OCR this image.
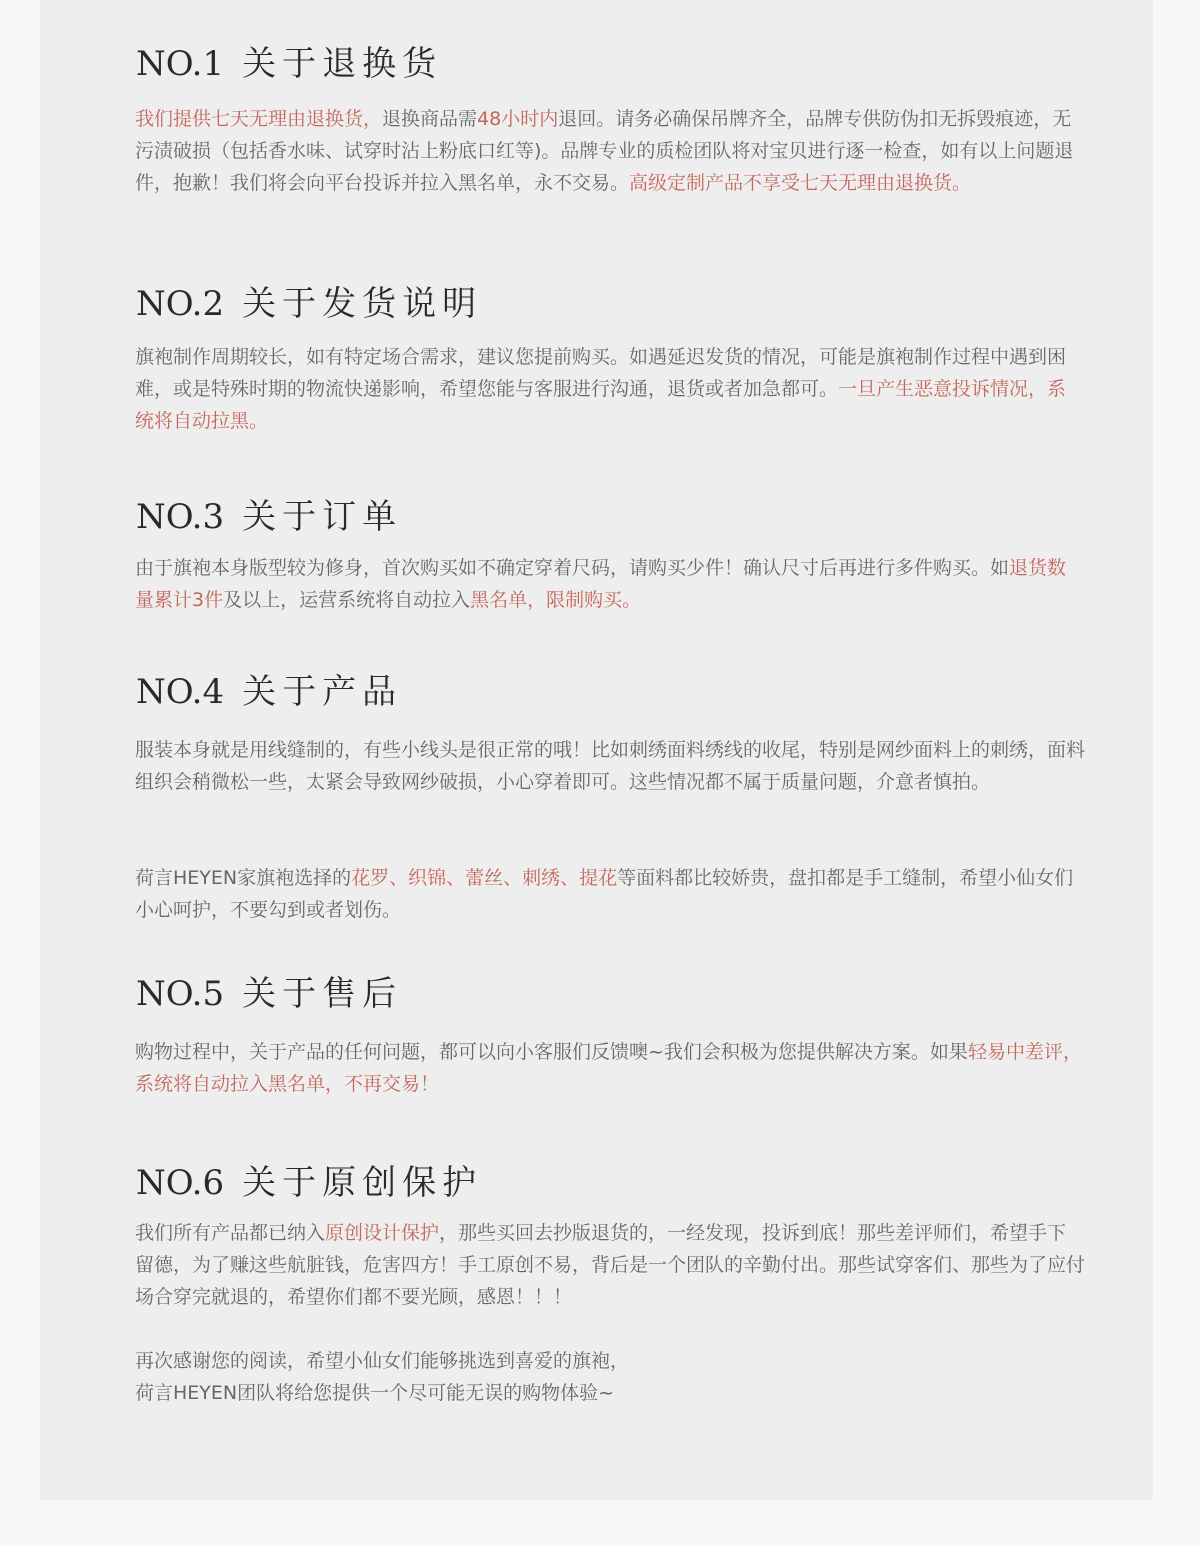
NO.1 关于退换货

我们提供七天无理由退换货，退换商品需48小时内退回。请务必确保吊牌齐全，品牌专供防伪扣无拆毁痕迹，无污渍破损（包括香水味、试穿时沾上粉底口红等)。品牌专业的质检团队将对宝贝进行逐一检查，如有以上问题退件，抱歉！我们将会向平台投诉并拉入黑名单，永不交易。高级定制产品不享受七天无理由退换货。

NO.2 关于发货说明

旗袍制作周期较长，如有特定场合需求，建议您提前购买。如遇延迟发货的情况，可能是旗袍制作过程中遇到困难，或是特殊时期的物流快递影响，希望您能与客服进行沟通，退货或者加急都可。一旦产生恶意投诉情况，系统将自动拉黑。

NO.3 关于订单

由于旗袍本身版型较为修身，首次购买如不确定穿着尺码，请购买少件！确认尺寸后再进行多件购买。如退货数量累计3件及以上，运营系统将自动拉入黑名单，限制购买。

NO.4 关于产品

服装本身就是用线缝制的，有些小线头是很正常的哦！比如刺绣面料绣线的收尾，特别是网纱面料上的刺绣，面料组织会稍微松一些，太紧会导致网纱破损，小心穿着即可。这些情况都不属于质量问题，介意者慎拍。

荷言HEYEN家旗袍选择的花罗、织锦、蕾丝、刺绣、提花等面料都比较娇贵，盘扣都是手工缝制，希望小仙女们小心呵护，不要勾到或者划伤。

NO.5 关于售后

购物过程中，关于产品的任何问题，都可以向小客服们反馈噢~我们会积极为您提供解决方案。如果轻易中差评，系统将自动拉入黑名单，不再交易！

NO.6 关于原创保护

我们所有产品都已纳入原创设计保护，那些买回去抄版退货的，一经发现，投诉到底！那些差评师们，希望手下留德，为了赚这些航脏钱，危害四方！手工原创不易，背后是一个团队的辛勤付出。那些试穿客们、那些为了应付场合穿完就退的，希望你们都不要光顾，感恩！！！

再次感谢您的阅读，希望小仙女们能够挑选到喜爱的旗袍，

荷言HEYEN团队将给您提供一个尽可能无误的购物体验~
